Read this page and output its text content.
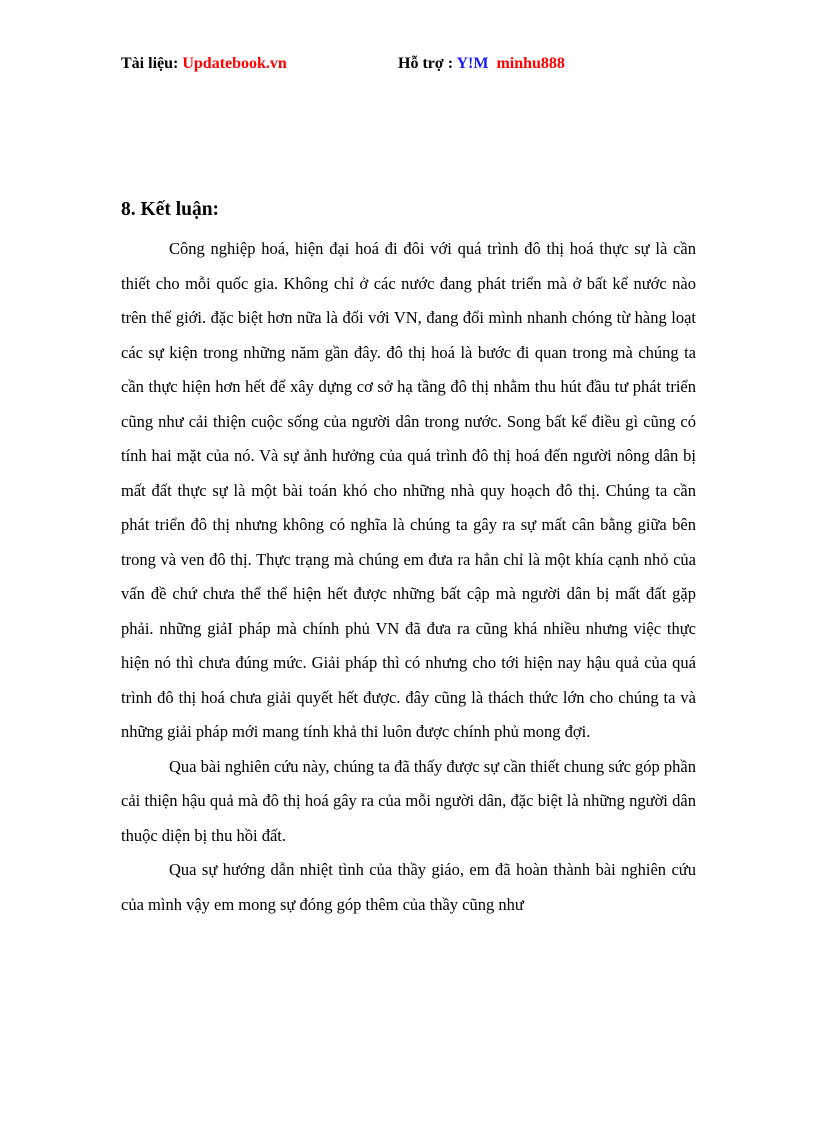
Tài liệu: Updatebook.vn	Hỗ trợ : Y!M minhu888
8. Kết luận:

Công nghiệp hoá, hiện đại hoá đi đôi với quá trình đô thị hoá thực sự là cần thiết cho mỗi quốc gia. Không chỉ ở các nước đang phát triển mà ở bất kể nước nào trên thế giới. đặc biệt hơn nữa là đối với VN, đang đổi mình nhanh chóng từ hàng loạt các sự kiện trong những năm gần đây. đô thị hoá là bước đi quan trong mà chúng ta cần thực hiện hơn hết để xây dựng cơ sở hạ tầng đô thị nhằm thu hút đầu tư phát triển cũng như cải thiện cuộc sống của người dân trong nước. Song bất kể điều gì cũng có tính hai mặt của nó. Và sự ảnh hưởng của quá trình đô thị hoá đến người nông dân bị mất đất thực sự là một bài toán khó cho những nhà quy hoạch đô thị. Chúng ta cần phát triển đô thị nhưng không có nghĩa là chúng ta gây ra sự mất cân bằng giữa bên trong và ven đô thị. Thực trạng mà chúng em đưa ra hẳn chỉ là một khía cạnh nhỏ của vấn đề chứ chưa thể thể hiện hết được những bất cập mà người dân bị mất đất gặp phải. những giảI pháp mà chính phủ VN đã đưa ra cũng khá nhiều nhưng việc thực hiện nó thì chưa đúng mức. Giải pháp thì có nhưng cho tới hiện nay hậu quả của quá trình đô thị hoá chưa giải quyết hết được. đây cũng là thách thức lớn cho chúng ta và những giải pháp mới mang tính khả thi luôn được chính phủ mong đợi.

Qua bài nghiên cứu này, chúng ta đã thấy được sự cần thiết chung sức góp phần cải thiện hậu quả mà đô thị hoá gây ra của mỗi người dân, đặc biệt là những người dân thuộc diện bị thu hồi đất.

Qua sự hướng dẫn nhiệt tình của thầy giáo, em đã hoàn thành bài nghiên cứu của mình vậy em mong sự đóng góp thêm của thầy cũng như
